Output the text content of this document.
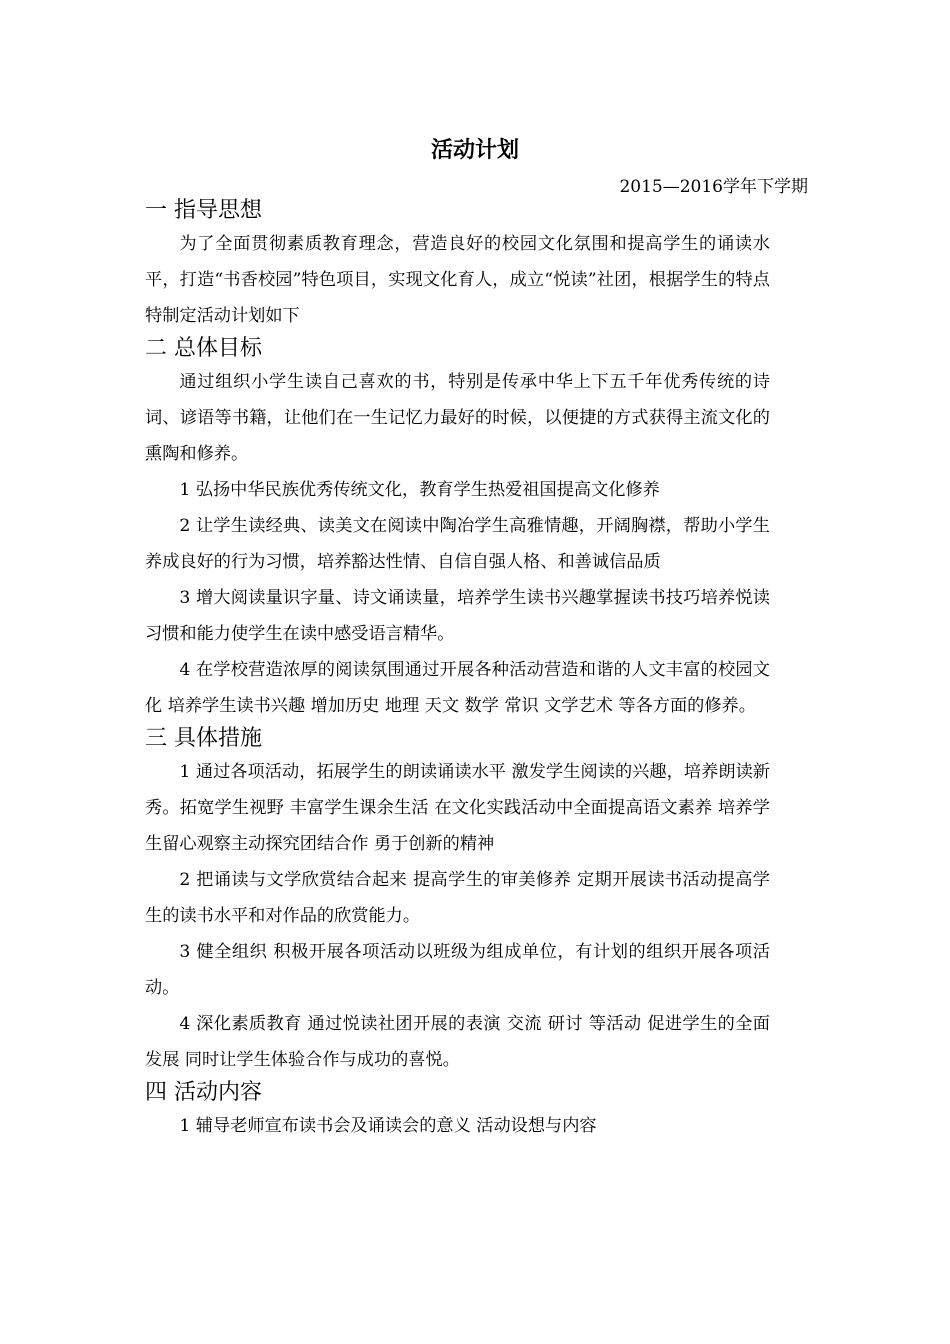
活动计划
2015—2016学年下学期
一 指导思想

为了全面贯彻素质教育理念，营造良好的校园文化氛围和提高学生的诵读水平，打造“书香校园”特色项目，实现文化育人，成立“悦读”社团，根据学生的特点特制定活动计划如下

二 总体目标

通过组织小学生读自己喜欢的书，特别是传承中华上下五千年优秀传统的诗词、谚语等书籍，让他们在一生记忆力最好的时候，以便捷的方式获得主流文化的熏陶和修养。

1 弘扬中华民族优秀传统文化，教育学生热爱祖国提高文化修养

2 让学生读经典、读美文在阅读中陶冶学生高雅情趣，开阔胸襟，帮助小学生养成良好的行为习惯，培养豁达性情、自信自强人格、和善诚信品质

3 增大阅读量识字量、诗文诵读量，培养学生读书兴趣掌握读书技巧培养悦读习惯和能力使学生在读中感受语言精华。

4 在学校营造浓厚的阅读氛围通过开展各种活动营造和谐的人文丰富的校园文化 培养学生读书兴趣 增加历史 地理 天文 数学 常识 文学艺术 等各方面的修养。

三 具体措施

1 通过各项活动，拓展学生的朗读诵读水平 激发学生阅读的兴趣，培养朗读新秀。拓宽学生视野 丰富学生课余生活 在文化实践活动中全面提高语文素养 培养学生留心观察主动探究团结合作 勇于创新的精神

2 把诵读与文学欣赏结合起来 提高学生的审美修养 定期开展读书活动提高学生的读书水平和对作品的欣赏能力。

3 健全组织 积极开展各项活动以班级为组成单位，有计划的组织开展各项活动。

4 深化素质教育 通过悦读社团开展的表演 交流 研讨 等活动 促进学生的全面发展 同时让学生体验合作与成功的喜悦。

四 活动内容

1 辅导老师宣布读书会及诵读会的意义 活动设想与内容
